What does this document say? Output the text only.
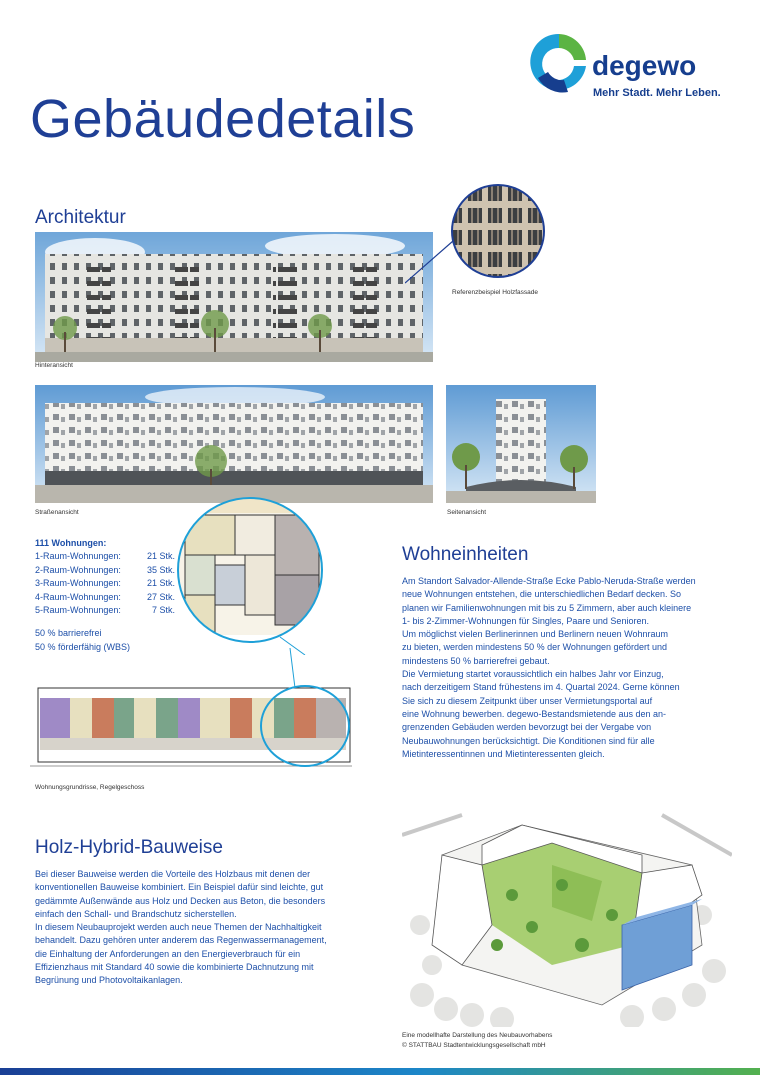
degewo
Mehr Stadt. Mehr Leben.
Gebäudedetails
Architektur
Hinteransicht
Referenzbeispiel Holzfassade
Straßenansicht	Seitenansicht
111 Wohnungen:
1-Raum-Wohnungen:	21 Stk.
2-Raum-Wohnungen:	35 Stk.
3-Raum-Wohnungen:	21 Stk.
4-Raum-Wohnungen:	27 Stk.
5-Raum-Wohnungen:	7 Stk.
50 % barrierefrei
50 % förderfähig (WBS)
Wohnungsgrundrisse, Regelgeschoss
Wohneinheiten
Am Standort Salvador-Allende-Straße Ecke Pablo-Neruda-Straße werden
neue Wohnungen entstehen, die unterschiedlichen Bedarf decken. So
planen wir Familienwohnungen mit bis zu 5 Zimmern, aber auch kleinere
1- bis 2-Zimmer-Wohnungen für Singles, Paare und Senioren.
Um möglichst vielen Berlinerinnen und Berlinern neuen Wohnraum
zu bieten, werden mindestens 50 % der Wohnungen gefördert und
mindestens 50 % barrierefrei gebaut.
Die Vermietung startet voraussichtlich ein halbes Jahr vor Einzug,
nach derzeitigem Stand frühestens im 4. Quartal 2024. Gerne können
Sie sich zu diesem Zeitpunkt über unser Vermietungsportal auf
eine Wohnung bewerben. degewo-Bestandsmietende aus den an-
grenzenden Gebäuden werden bevorzugt bei der Vergabe von
Neubauwohnungen berücksichtigt. Die Konditionen sind für alle
Mietinteressentinnen und Mietinteressenten gleich.
Holz-Hybrid-Bauweise
Bei dieser Bauweise werden die Vorteile des Holzbaus mit denen der
konventionellen Bauweise kombiniert. Ein Beispiel dafür sind leichte, gut
gedämmte Außenwände aus Holz und Decken aus Beton, die besonders
einfach den Schall- und Brandschutz sicherstellen.
In diesem Neubauprojekt werden auch neue Themen der Nachhaltigkeit
behandelt. Dazu gehören unter anderem das Regenwassermanagement,
die Einhaltung der Anforderungen an den Energieverbrauch für ein
Effizienzhaus mit Standard 40 sowie die kombinierte Dachnutzung mit
Begrünung und Photovoltaikanlagen.
Eine modellhafte Darstellung des Neubauvorhabens
© STATTBAU Stadtentwicklungsgesellschaft mbH
